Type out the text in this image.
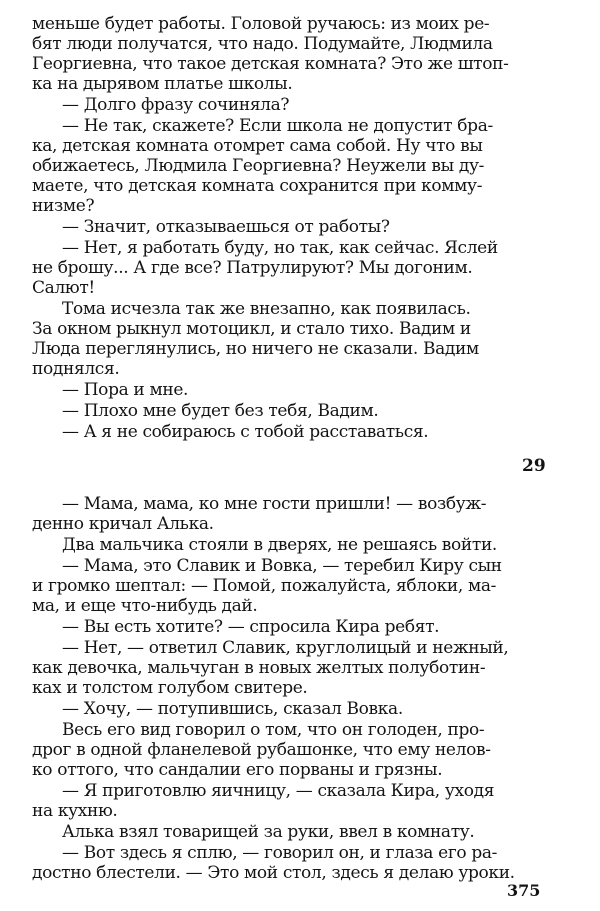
меньше будет работы. Головой ручаюсь: из моих ре-
бят люди получатся, что надо. Подумайте, Людмила
Георгиевна, что такое детская комната? Это же штоп-
ка на дырявом платье школы.
— Долго фразу сочиняла?
— Не так, скажете? Если школа не допустит бра-
ка, детская комната отомрет сама собой. Ну что вы
обижаетесь, Людмила Георгиевна? Неужели вы ду-
маете, что детская комната сохранится при комму-
низме?
— Значит, отказываешься от работы?
— Нет, я работать буду, но так, как сейчас. Яслей
не брошу... А где все? Патрулируют? Мы догоним.
Салют!
Тома исчезла так же внезапно, как появилась.
За окном рыкнул мотоцикл, и стало тихо. Вадим и
Люда переглянулись, но ничего не сказали. Вадим
поднялся.
— Пора и мне.
— Плохо мне будет без тебя, Вадим.
— А я не собираюсь с тобой расставаться.
29
— Мама, мама, ко мне гости пришли! — возбуж-
денно кричал Алька.
Два мальчика стояли в дверях, не решаясь войти.
— Мама, это Славик и Вовка, — теребил Киру сын
и громко шептал: — Помой, пожалуйста, яблоки, ма-
ма, и еще что-нибудь дай.
— Вы есть хотите? — спросила Кира ребят.
— Нет, — ответил Славик, круглолицый и нежный,
как девочка, мальчуган в новых желтых полуботин-
ках и толстом голубом свитере.
— Хочу, — потупившись, сказал Вовка.
Весь его вид говорил о том, что он голоден, про-
дрог в одной фланелевой рубашонке, что ему нелов-
ко оттого, что сандалии его порваны и грязны.
— Я приготовлю яичницу, — сказала Кира, уходя
на кухню.
Алька взял товарищей за руки, ввел в комнату.
— Вот здесь я сплю, — говорил он, и глаза его ра-
достно блестели. — Это мой стол, здесь я делаю уроки.
375
